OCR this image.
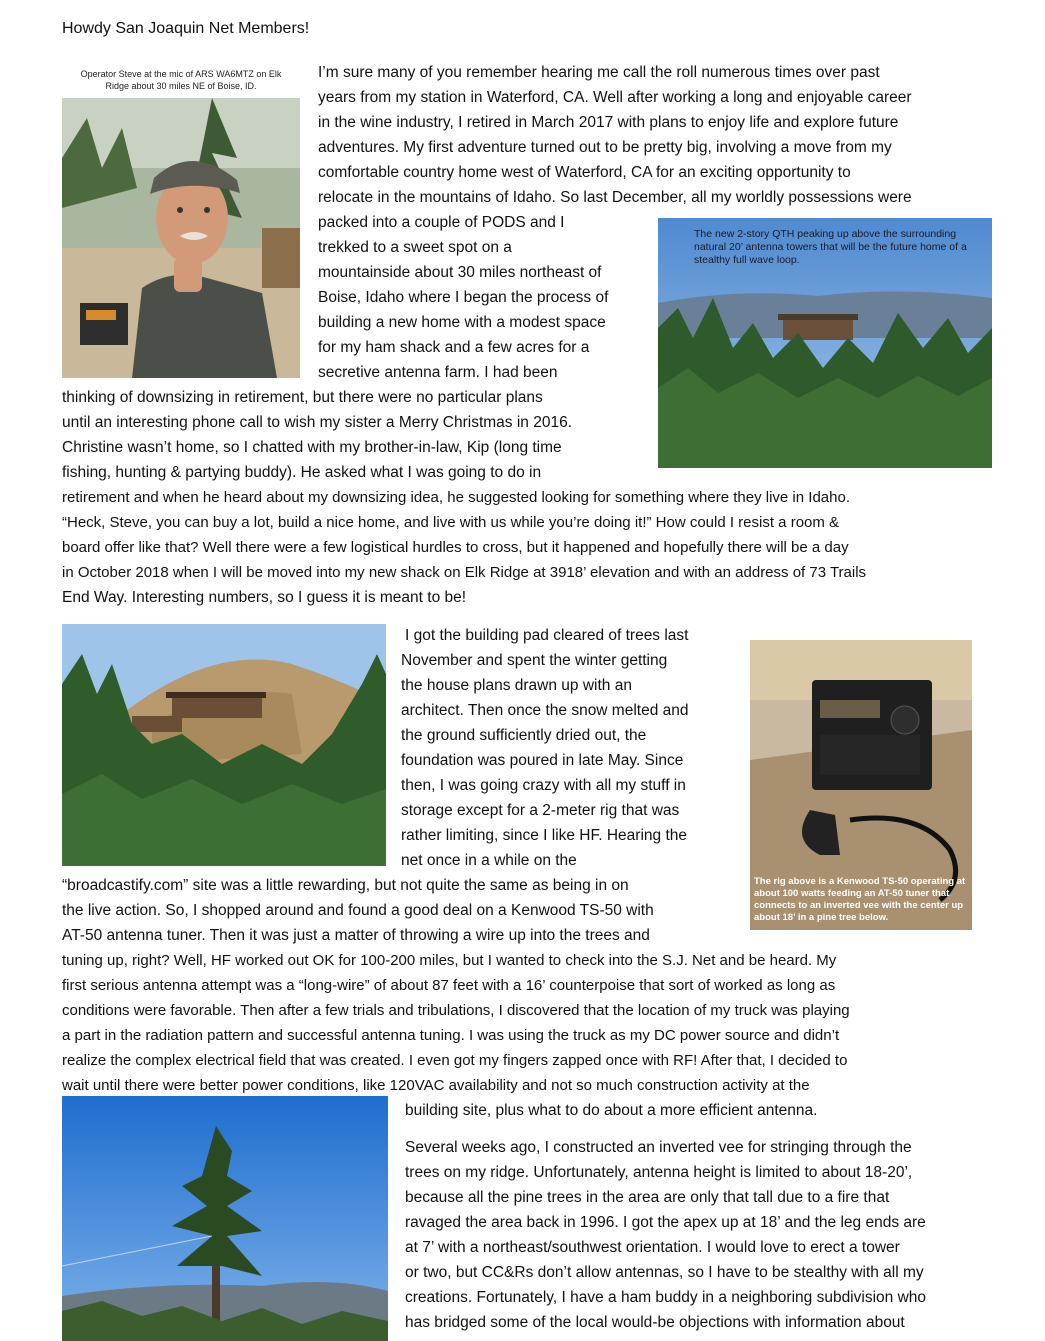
Howdy San Joaquin Net Members!
Operator Steve at the mic of ARS WA6MTZ on Elk Ridge about 30 miles NE of Boise, ID.

I’m sure many of you remember hearing me call the roll numerous times over past

years from my station in Waterford, CA. Well after working a long and enjoyable career

in the wine industry, I retired in March 2017 with plans to enjoy life and explore future

adventures. My first adventure turned out to be pretty big, involving a move from my

comfortable country home west of Waterford, CA for an exciting opportunity to

relocate in the mountains of Idaho. So last December, all my worldly possessions were

packed into a couple of PODS and I

trekked to a sweet spot on a

mountainside about 30 miles northeast of

Boise, Idaho where I began the process of

building a new home with a modest space

for my ham shack and a few acres for a

secretive antenna farm. I had been

thinking of downsizing in retirement, but there were no particular plans

until an interesting phone call to wish my sister a Merry Christmas in 2016.

Christine wasn’t home, so I chatted with my brother-in-law, Kip (long time

fishing, hunting & partying buddy). He asked what I was going to do in

retirement and when he heard about my downsizing idea, he suggested looking for something where they live in Idaho.

“Heck, Steve, you can buy a lot, build a nice home, and live with us while you’re doing it!” How could I resist a room &

board offer like that? Well there were a few logistical hurdles to cross, but it happened and hopefully there will be a day

in October 2018 when I will be moved into my new shack on Elk Ridge at 3918’ elevation and with an address of 73 Trails

End Way. Interesting numbers, so I guess it is meant to be!

The new 2-story QTH peaking up above the surrounding natural 20’ antenna towers that will be the future home of a stealthy full wave loop.

I got the building pad cleared of trees last

November and spent the winter getting

the house plans drawn up with an

architect. Then once the snow melted and

the ground sufficiently dried out, the

foundation was poured in late May. Since

then, I was going crazy with all my stuff in

storage except for a 2-meter rig that was

rather limiting, since I like HF. Hearing the

net once in a while on the

“broadcastify.com” site was a little rewarding, but not quite the same as being in on

the live action. So, I shopped around and found a good deal on a Kenwood TS-50 with

AT-50 antenna tuner. Then it was just a matter of throwing a wire up into the trees and

tuning up, right? Well, HF worked out OK for 100-200 miles, but I wanted to check into the S.J. Net and be heard. My

first serious antenna attempt was a “long-wire” of about 87 feet with a 16’ counterpoise that sort of worked as long as

conditions were favorable. Then after a few trials and tribulations, I discovered that the location of my truck was playing

a part in the radiation pattern and successful antenna tuning. I was using the truck as my DC power source and didn’t

realize the complex electrical field that was created. I even got my fingers zapped once with RF! After that, I decided to

wait until there were better power conditions, like 120VAC availability and not so much construction activity at the

building site, plus what to do about a more efficient antenna.

The rig above is a Kenwood TS-50 operating at about 100 watts feeding an AT-50 tuner that connects to an inverted vee with the center up about 18’ in a pine tree below.

Several weeks ago, I constructed an inverted vee for stringing through the

trees on my ridge. Unfortunately, antenna height is limited to about 18-20’,

because all the pine trees in the area are only that tall due to a fire that

ravaged the area back in 1996. I got the apex up at 18’ and the leg ends are

at 7’ with a northeast/southwest orientation. I would love to erect a tower

or two, but CC&Rs don’t allow antennas, so I have to be stealthy with all my

creations. Fortunately, I have a ham buddy in a neighboring subdivision who

has bridged some of the local would-be objections with information about
